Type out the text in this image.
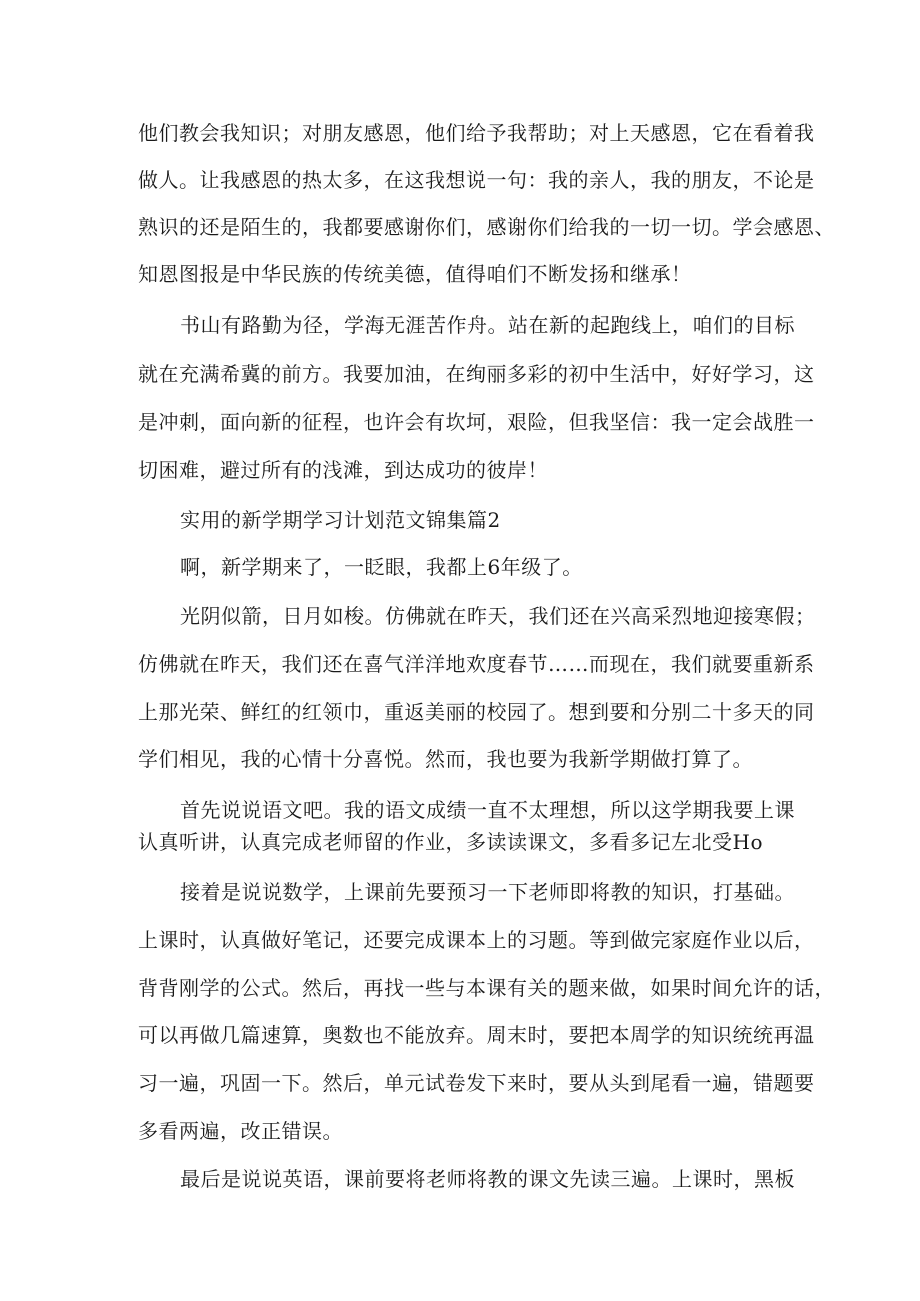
他们教会我知识；对朋友感恩，他们给予我帮助；对上天感恩，它在看着我
做人。让我感恩的热太多，在这我想说一句：我的亲人，我的朋友，不论是
熟识的还是陌生的，我都要感谢你们，感谢你们给我的一切一切。学会感恩、
知恩图报是中华民族的传统美德，值得咱们不断发扬和继承！
书山有路勤为径，学海无涯苦作舟。站在新的起跑线上，咱们的目标
就在充满希冀的前方。我要加油，在绚丽多彩的初中生活中，好好学习，这
是冲刺，面向新的征程，也许会有坎坷，艰险，但我坚信：我一定会战胜一
切困难，避过所有的浅滩，到达成功的彼岸！
实用的新学期学习计划范文锦集篇2
啊，新学期来了，一眨眼，我都上6年级了。
光阴似箭，日月如梭。仿佛就在昨天，我们还在兴高采烈地迎接寒假；
仿佛就在昨天，我们还在喜气洋洋地欢度春节……而现在，我们就要重新系
上那光荣、鲜红的红领巾，重返美丽的校园了。想到要和分别二十多天的同
学们相见，我的心情十分喜悦。然而，我也要为我新学期做打算了。
首先说说语文吧。我的语文成绩一直不太理想，所以这学期我要上课
认真听讲，认真完成老师留的作业，多读读课文，多看多记左北受Ho
接着是说说数学，上课前先要预习一下老师即将教的知识，打基础。
上课时，认真做好笔记，还要完成课本上的习题。等到做完家庭作业以后，
背背刚学的公式。然后，再找一些与本课有关的题来做，如果时间允许的话，
可以再做几篇速算，奥数也不能放弃。周末时，要把本周学的知识统统再温
习一遍，巩固一下。然后，单元试卷发下来时，要从头到尾看一遍，错题要
多看两遍，改正错误。
最后是说说英语，课前要将老师将教的课文先读三遍。上课时，黑板
